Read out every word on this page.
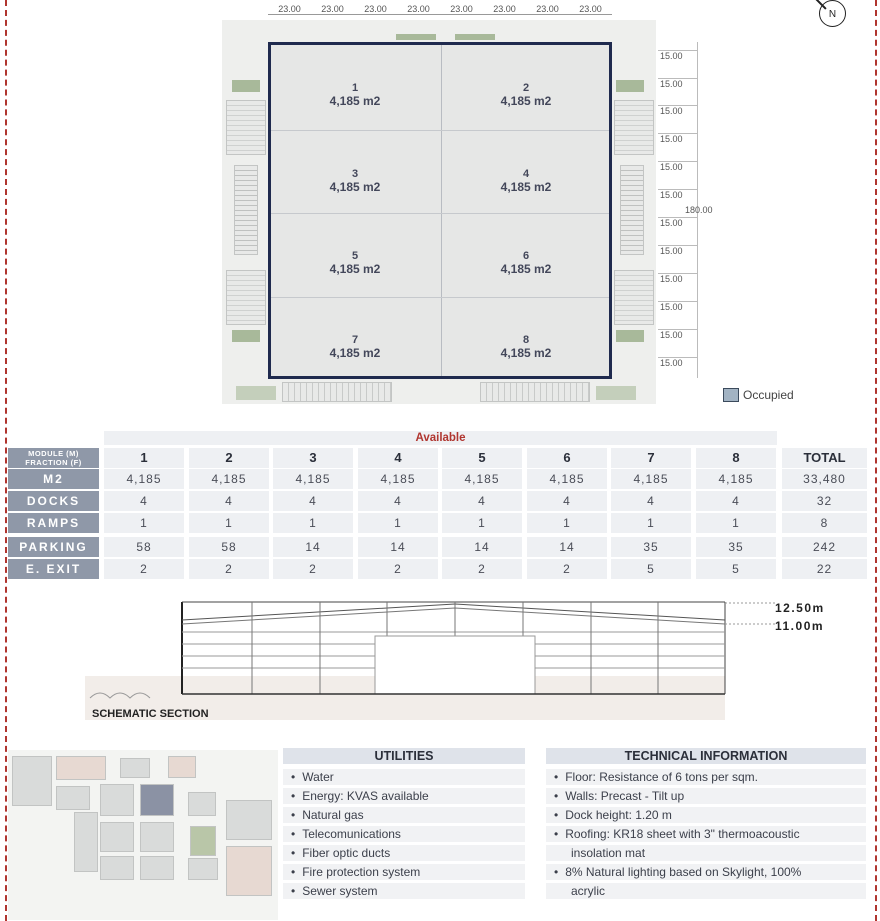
1
4,185 m2
2
4,185 m2
3
4,185 m2
4
4,185 m2
5
4,185 m2
6
4,185 m2
7
4,185 m2
8
4,185 m2
23.00	23.00	23.00	23.00	23.00	23.00	23.00	23.00
15.00
15.00
15.00
15.00
15.00
15.00
15.00
15.00
15.00
15.00
15.00
15.00
180.00
N
Occupied
Available
MODULE (M)
FRACTION (F)	1	2	3	4	5	6	7	8	TOTAL
M2	4,185	4,185	4,185	4,185	4,185	4,185	4,185	4,185	33,480
DOCKS	4	4	4	4	4	4	4	4	32
RAMPS	1	1	1	1	1	1	1	1	8
PARKING	58	58	14	14	14	14	35	35	242
E. EXIT	2	2	2	2	2	2	5	5	22
12.50m
11.00m
SCHEMATIC SECTION
UTILITIES
• Water
• Energy: KVAS available
• Natural gas
• Telecomunications
• Fiber optic ducts
• Fire protection system
• Sewer system
TECHNICAL INFORMATION
• Floor: Resistance of 6 tons per sqm.
• Walls: Precast - Tilt up
• Dock height: 1.20 m
• Roofing: KR18 sheet with 3" thermoacoustic
insolation mat
• 8% Natural lighting based on Skylight, 100%
acrylic
